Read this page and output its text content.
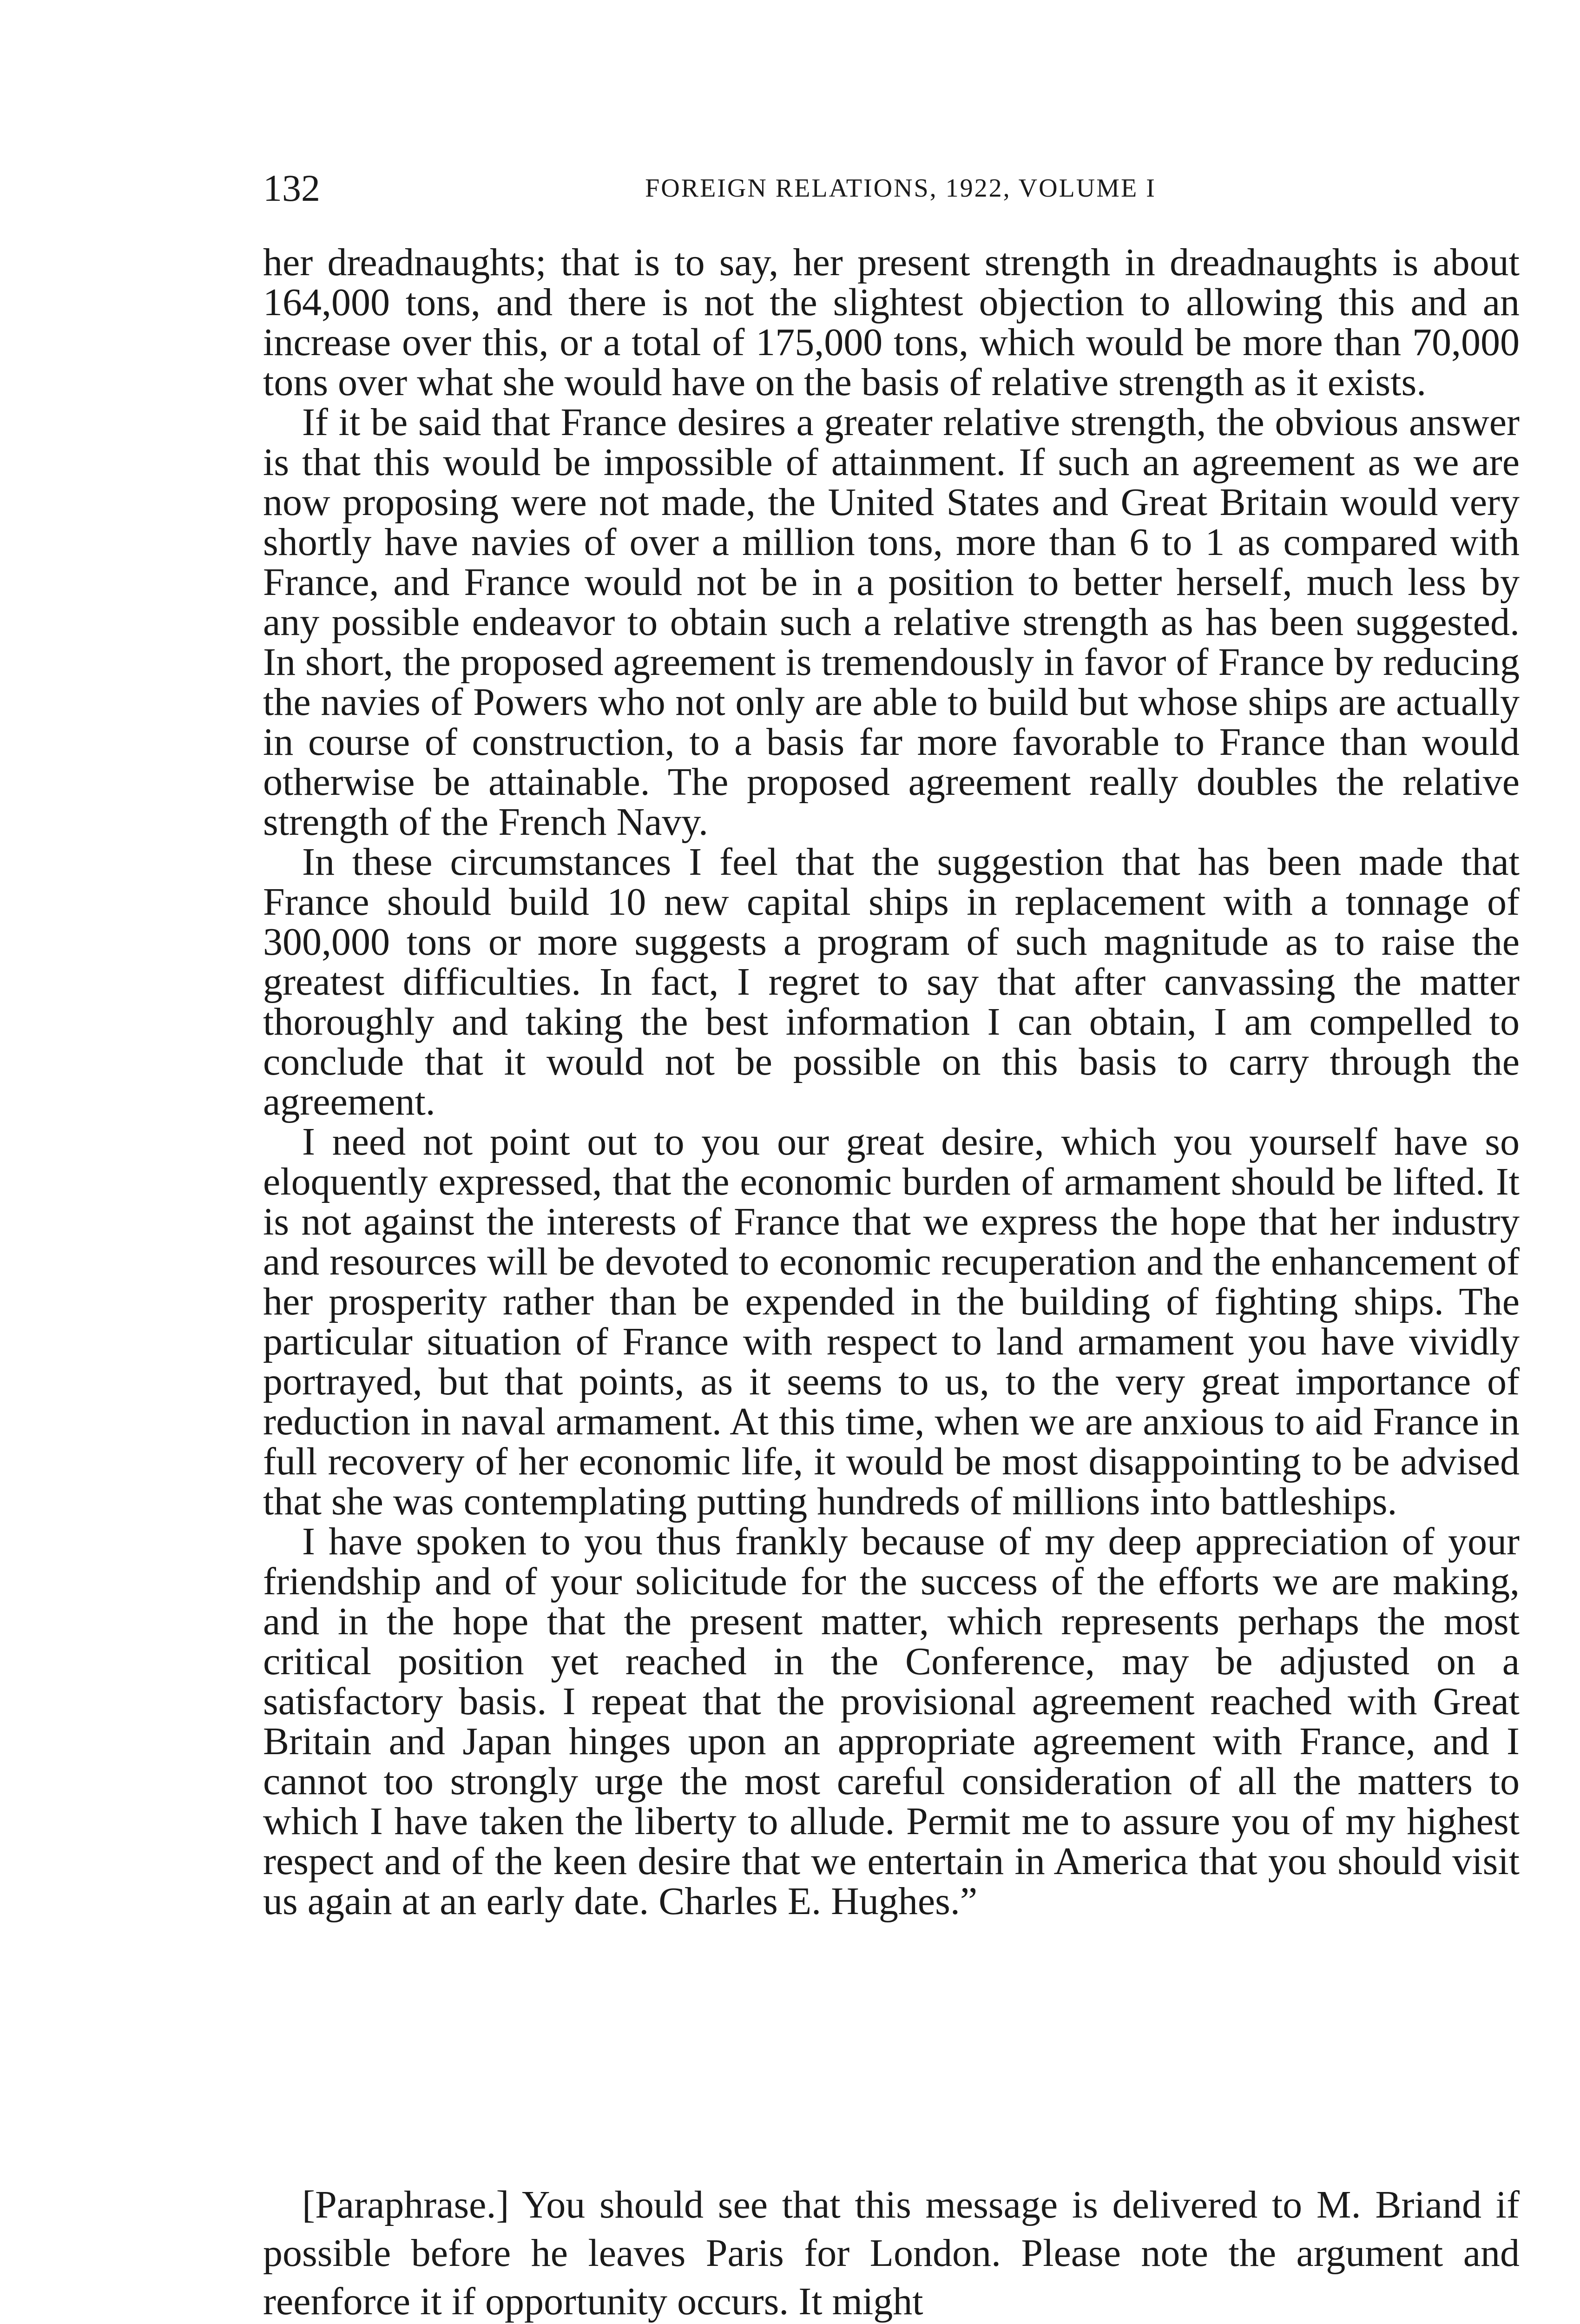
132	FOREIGN RELATIONS, 1922, VOLUME I

her dreadnaughts; that is to say, her present strength in dreadnaughts is about 164,000 tons, and there is not the slightest objection to allowing this and an increase over this, or a total of 175,000 tons, which would be more than 70,000 tons over what she would have on the basis of relative strength as it exists.

If it be said that France desires a greater relative strength, the obvious answer is that this would be impossible of attainment. If such an agreement as we are now proposing were not made, the United States and Great Britain would very shortly have navies of over a million tons, more than 6 to 1 as compared with France, and France would not be in a position to better herself, much less by any possible endeavor to obtain such a relative strength as has been suggested. In short, the proposed agreement is tremendously in favor of France by reducing the navies of Powers who not only are able to build but whose ships are actually in course of construction, to a basis far more favorable to France than would otherwise be attainable. The proposed agreement really doubles the relative strength of the French Navy.

In these circumstances I feel that the suggestion that has been made that France should build 10 new capital ships in replacement with a tonnage of 300,000 tons or more suggests a program of such magnitude as to raise the greatest difficulties. In fact, I regret to say that after canvassing the matter thoroughly and taking the best information I can obtain, I am compelled to conclude that it would not be possible on this basis to carry through the agreement.

I need not point out to you our great desire, which you yourself have so eloquently expressed, that the economic burden of armament should be lifted. It is not against the interests of France that we express the hope that her industry and resources will be devoted to economic recuperation and the enhancement of her prosperity rather than be expended in the building of fighting ships. The particular situation of France with respect to land armament you have vividly portrayed, but that points, as it seems to us, to the very great importance of reduction in naval armament. At this time, when we are anxious to aid France in full recovery of her economic life, it would be most disappointing to be advised that she was contemplating putting hundreds of millions into battleships.

I have spoken to you thus frankly because of my deep appreciation of your friendship and of your solicitude for the success of the efforts we are making, and in the hope that the present matter, which represents perhaps the most critical position yet reached in the Conference, may be adjusted on a satisfactory basis. I repeat that the provisional agreement reached with Great Britain and Japan hinges upon an appropriate agreement with France, and I cannot too strongly urge the most careful consideration of all the matters to which I have taken the liberty to allude. Permit me to assure you of my highest respect and of the keen desire that we entertain in America that you should visit us again at an early date. Charles E. Hughes.”

[Paraphrase.] You should see that this message is delivered to M. Briand if possible before he leaves Paris for London. Please note the argument and reenforce it if opportunity occurs. It might
